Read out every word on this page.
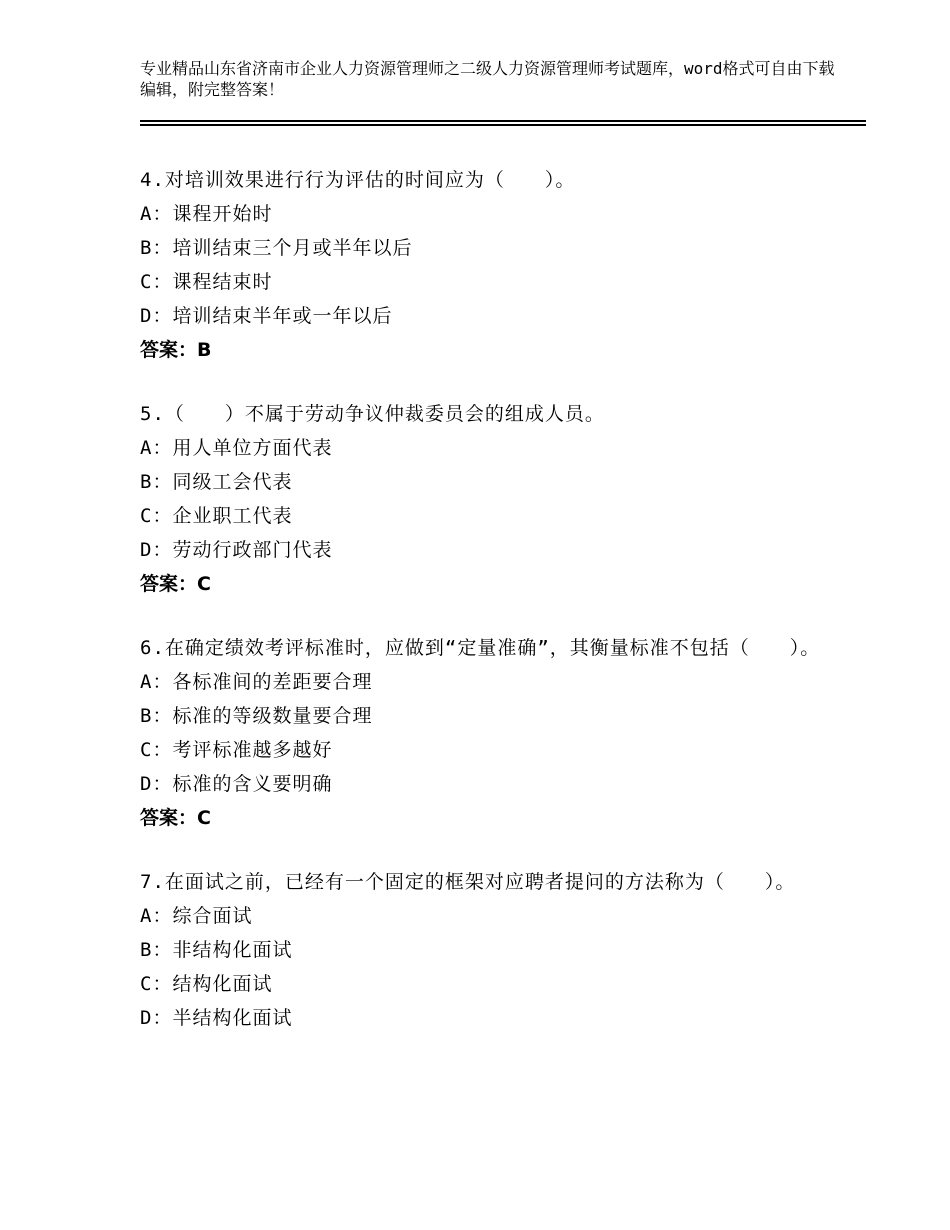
专业精品山东省济南市企业人力资源管理师之二级人力资源管理师考试题库，word格式可自由下载编辑，附完整答案！

4.对培训效果进行行为评估的时间应为（　　）。

A：课程开始时

B：培训结束三个月或半年以后

C：课程结束时

D：培训结束半年或一年以后

答案：B

5.（　　）不属于劳动争议仲裁委员会的组成人员。

A：用人单位方面代表

B：同级工会代表

C：企业职工代表

D：劳动行政部门代表

答案：C

6.在确定绩效考评标准时，应做到“定量准确”，其衡量标准不包括（　　）。

A：各标准间的差距要合理

B：标准的等级数量要合理

C：考评标准越多越好

D：标准的含义要明确

答案：C

7.在面试之前，已经有一个固定的框架对应聘者提问的方法称为（　　）。

A：综合面试

B：非结构化面试

C：结构化面试

D：半结构化面试
